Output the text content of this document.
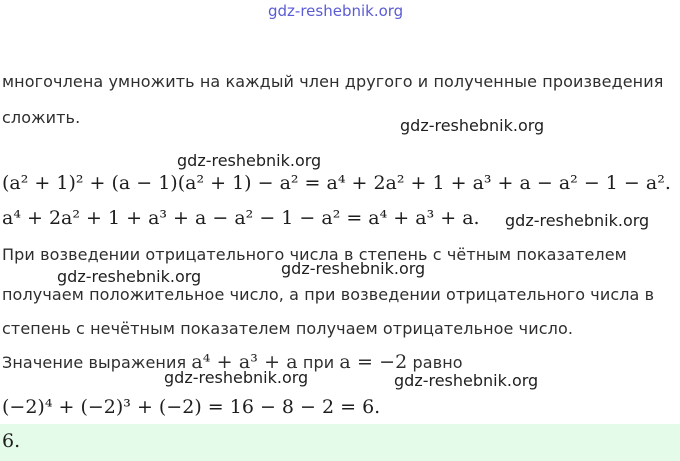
gdz-reshebnik.org
gdz-reshebnik.org
gdz-reshebnik.org
gdz-reshebnik.org
gdz-reshebnik.org	gdz-reshebnik.org
gdz-reshebnik.org	gdz-reshebnik.org
многочлена умножить на каждый член другого и полученные произведения
сложить.
(a² + 1)² + (a − 1)(a² + 1) − a² = a⁴ + 2a² + 1 + a³ + a − a² − 1 − a².
a⁴ + 2a² + 1 + a³ + a − a² − 1 − a² = a⁴ + a³ + a.
При возведении отрицательного числа в степень с чётным показателем
получаем положительное число, а при возведении отрицательного числа в
степень с нечётным показателем получаем отрицательное число.
Значение выражения a⁴ + a³ + a при a = −2 равно
(−2)⁴ + (−2)³ + (−2) = 16 − 8 − 2 = 6.
6.
